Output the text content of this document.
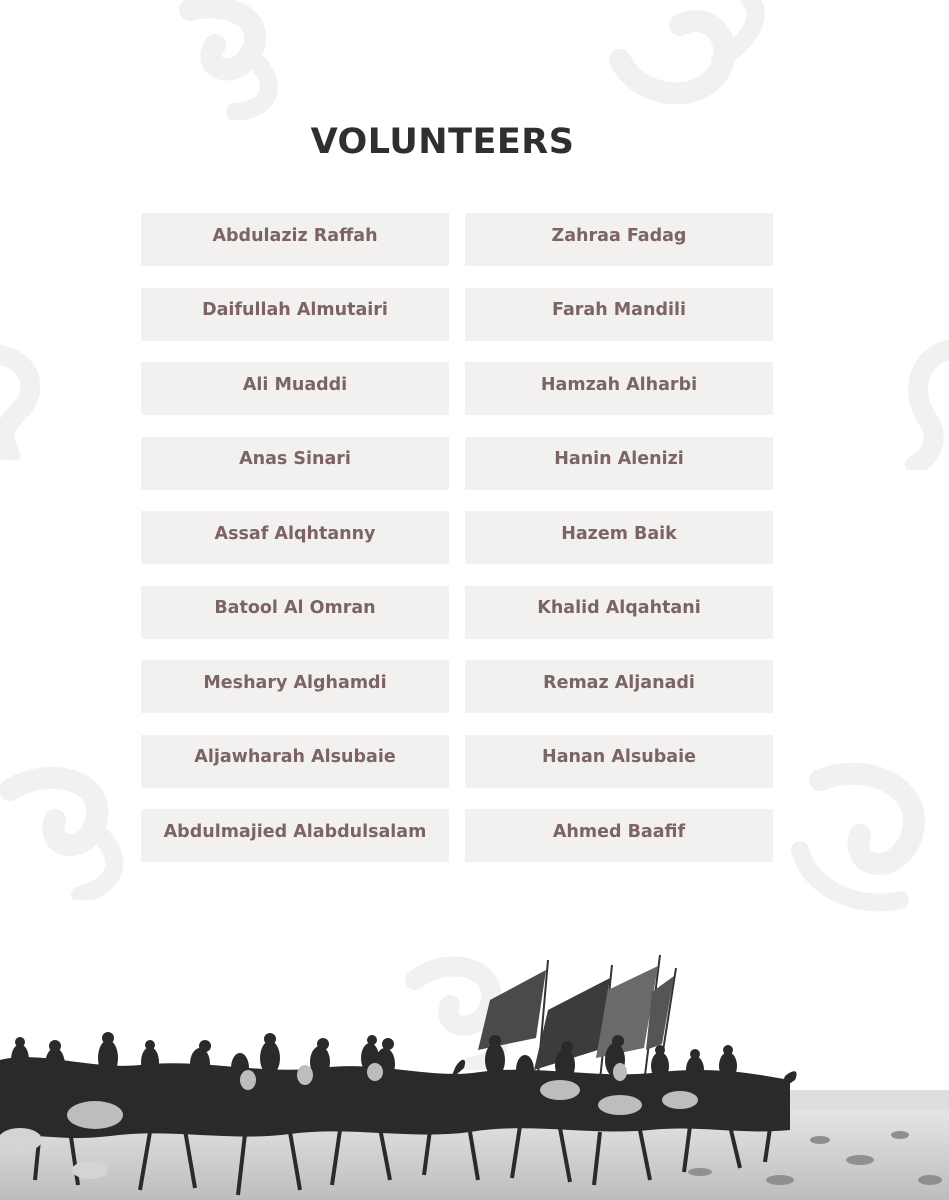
VOLUNTEERS
Abdulaziz Raffah	Zahraa Fadag
Daifullah Almutairi	Farah Mandili
Ali Muaddi	Hamzah Alharbi
Anas Sinari	Hanin Alenizi
Assaf Alqhtanny	Hazem Baik
Batool Al Omran	Khalid Alqahtani
Meshary Alghamdi	Remaz Aljanadi
Aljawharah Alsubaie	Hanan Alsubaie
Abdulmajied Alabdulsalam	Ahmed Baafif
